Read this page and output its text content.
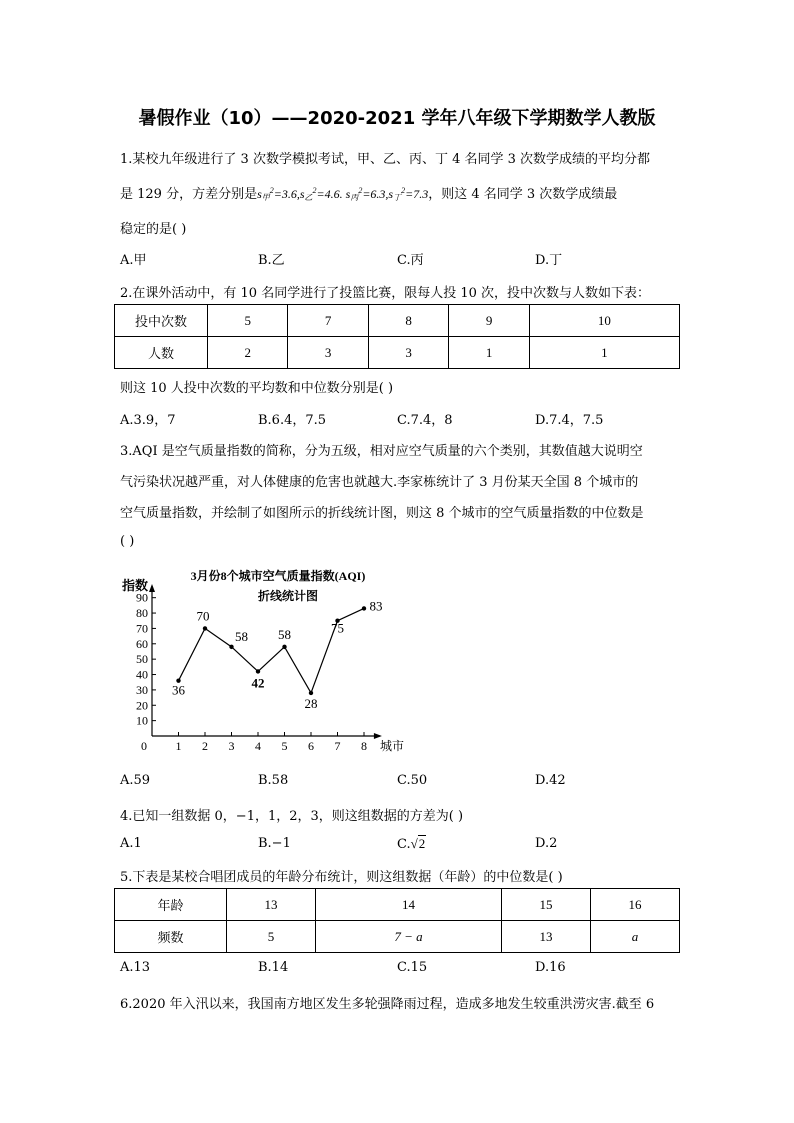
暑假作业（10）——2020-2021 学年八年级下学期数学人教版
1.某校九年级进行了 3 次数学模拟考试，甲、乙、丙、丁 4 名同学 3 次数学成绩的平均分都
是 129 分，方差分别是$s_甲^2=3.6,s_乙^2=4.6$. $s_丙^2=6.3,s_丁^2=7.3$，则这 4 名同学 3 次数学成绩最
稳定的是( )
A.甲	B.乙	C.丙	D.丁
2.在课外活动中，有 10 名同学进行了投篮比赛，限每人投 10 次，投中次数与人数如下表：
投中次数	5	7	8	9	10
人数	2	3	3	1	1
则这 10 人投中次数的平均数和中位数分别是( )
A.3.9，7	B.6.4，7.5	C.7.4，8	D.7.4，7.5
3.AQI 是空气质量指数的简称，分为五级，相对应空气质量的六个类别，其数值越大说明空
气污染状况越严重，对人体健康的危害也就越大.李家栋统计了 3 月份某天全国 8 个城市的
空气质量指数，并绘制了如图所示的折线统计图，则这 8 个城市的空气质量指数的中位数是
( )
3月份8个城市空气质量指数(AQI)
折线统计图
指数
城市
10
20
30
40
50
60
70
80
90
0 1 2 3 4 5 6 7 8
36
70
58
42
58
28
75
83
A.59	B.58	C.50	D.42
4.已知一组数据 0，−1，1，2，3，则这组数据的方差为( )
A.1	B.−1	C.√2	D.2
5.下表是某校合唱团成员的年龄分布统计，则这组数据（年龄）的中位数是( )
年龄	13	14	15	16
频数	5	7 − a	13	a
A.13	B.14	C.15	D.16
6.2020 年入汛以来，我国南方地区发生多轮强降雨过程，造成多地发生较重洪涝灾害.截至 6
